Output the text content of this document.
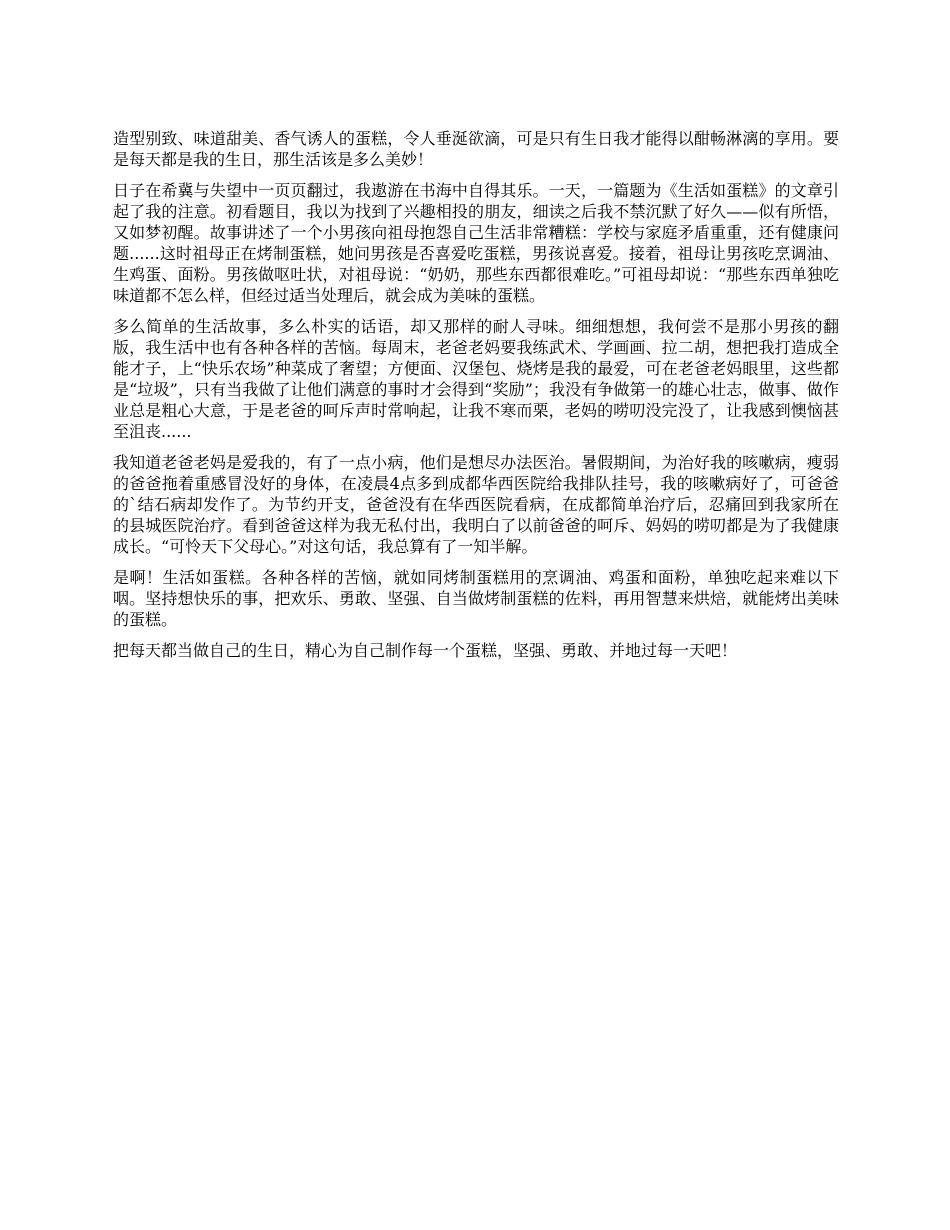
造型别致、味道甜美、香气诱人的蛋糕，令人垂涎欲滴，可是只有生日我才能得以酣畅淋漓的享用。要是每天都是我的生日，那生活该是多么美妙！

日子在希冀与失望中一页页翻过，我遨游在书海中自得其乐。一天，一篇题为《生活如蛋糕》的文章引起了我的注意。初看题目，我以为找到了兴趣相投的朋友，细读之后我不禁沉默了好久——似有所悟，又如梦初醒。故事讲述了一个小男孩向祖母抱怨自己生活非常糟糕：学校与家庭矛盾重重，还有健康问题......这时祖母正在烤制蛋糕，她问男孩是否喜爱吃蛋糕，男孩说喜爱。接着，祖母让男孩吃烹调油、生鸡蛋、面粉。男孩做呕吐状，对祖母说：“奶奶，那些东西都很难吃。”可祖母却说：“那些东西单独吃味道都不怎么样，但经过适当处理后，就会成为美味的蛋糕。

多么简单的生活故事，多么朴实的话语，却又那样的耐人寻味。细细想想，我何尝不是那小男孩的翻版，我生活中也有各种各样的苦恼。每周末，老爸老妈要我练武术、学画画、拉二胡，想把我打造成全能才子，上“快乐农场”种菜成了奢望；方便面、汉堡包、烧烤是我的最爱，可在老爸老妈眼里，这些都是“垃圾”，只有当我做了让他们满意的事时才会得到“奖励”；我没有争做第一的雄心壮志，做事、做作业总是粗心大意，于是老爸的呵斥声时常响起，让我不寒而栗，老妈的唠叨没完没了，让我感到懊恼甚至沮丧......

我知道老爸老妈是爱我的，有了一点小病，他们是想尽办法医治。暑假期间，为治好我的咳嗽病，瘦弱的爸爸拖着重感冒没好的身体，在凌晨4点多到成都华西医院给我排队挂号，我的咳嗽病好了，可爸爸的`结石病却发作了。为节约开支，爸爸没有在华西医院看病，在成都简单治疗后，忍痛回到我家所在的县城医院治疗。看到爸爸这样为我无私付出，我明白了以前爸爸的呵斥、妈妈的唠叨都是为了我健康成长。“可怜天下父母心。”对这句话，我总算有了一知半解。

是啊！生活如蛋糕。各种各样的苦恼，就如同烤制蛋糕用的烹调油、鸡蛋和面粉，单独吃起来难以下咽。坚持想快乐的事，把欢乐、勇敢、坚强、自当做烤制蛋糕的佐料，再用智慧来烘焙，就能烤出美味的蛋糕。

把每天都当做自己的生日，精心为自己制作每一个蛋糕，坚强、勇敢、并地过每一天吧！
